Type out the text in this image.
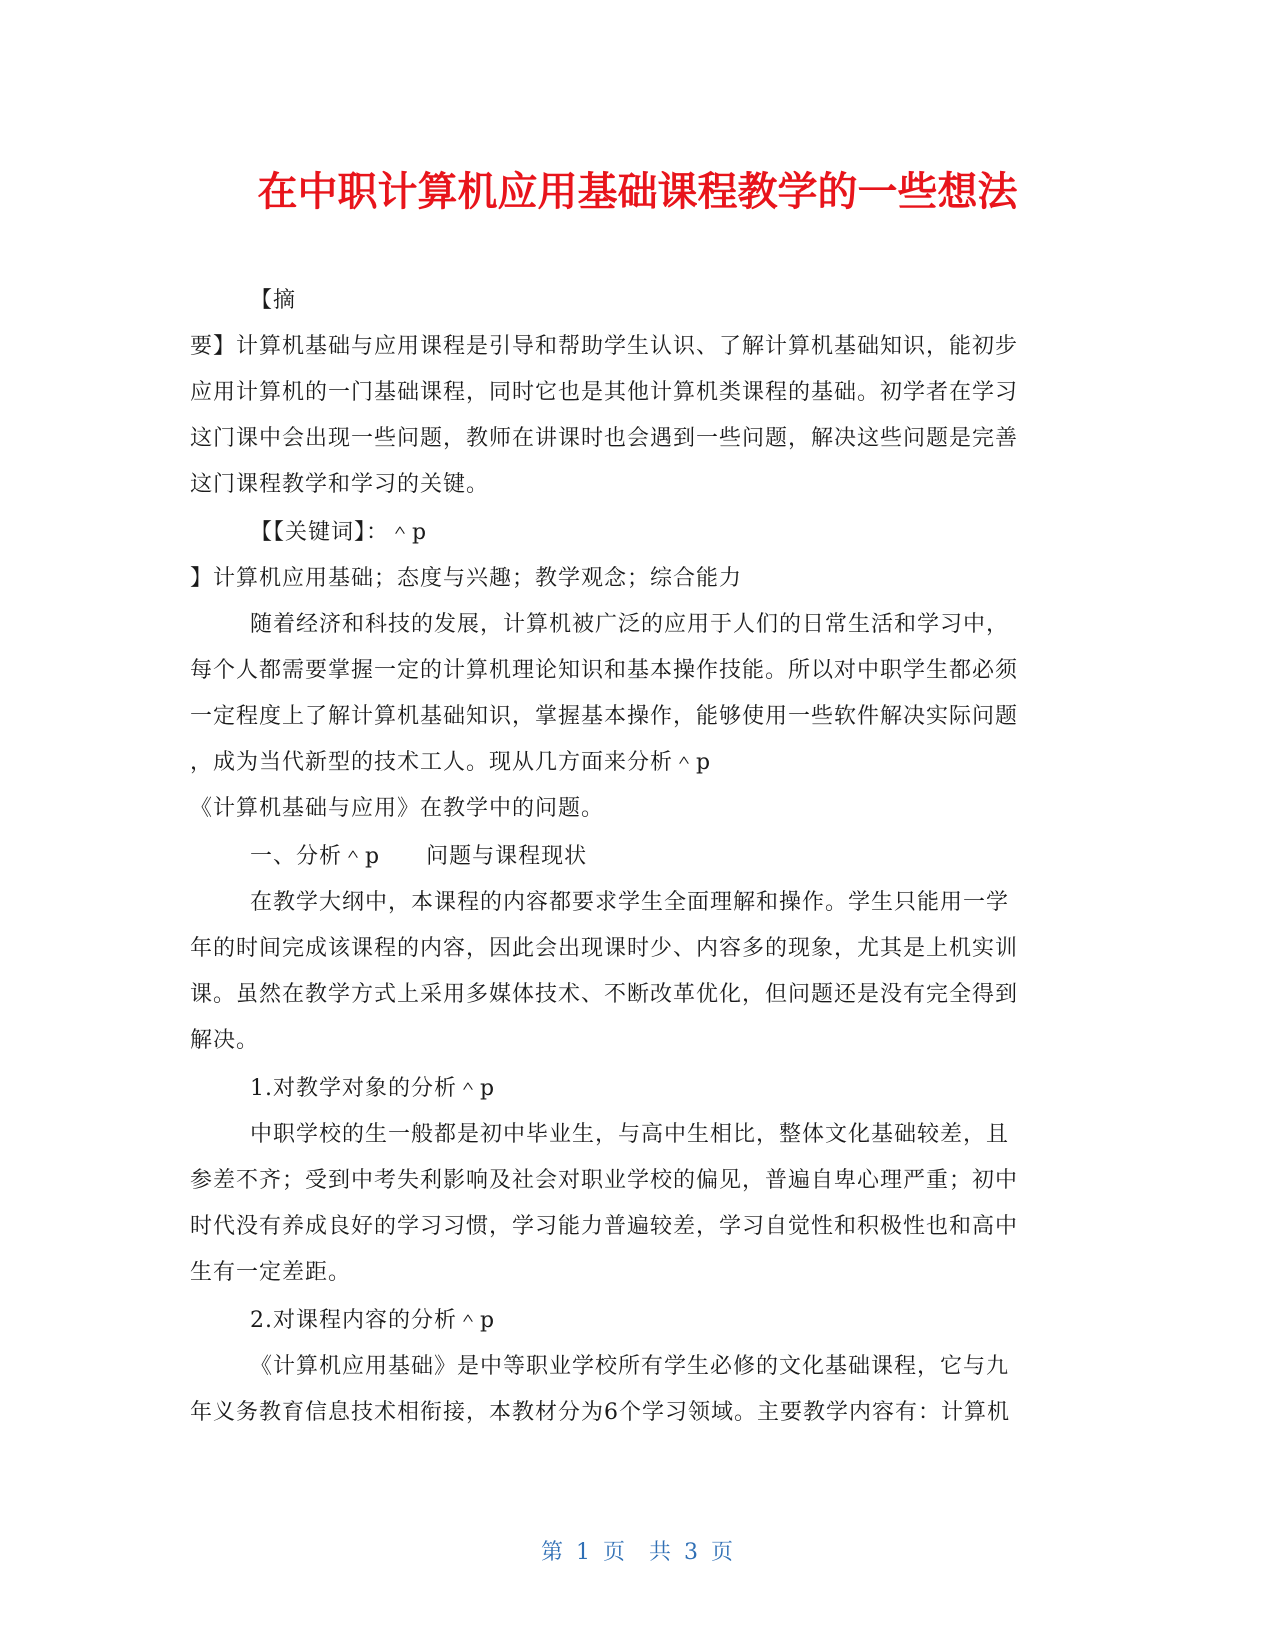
在中职计算机应用基础课程教学的一些想法
【摘
要】计算机基础与应用课程是引导和帮助学生认识、了解计算机基础知识，能初步
应用计算机的一门基础课程，同时它也是其他计算机类课程的基础。初学者在学习
这门课中会出现一些问题，教师在讲课时也会遇到一些问题，解决这些问题是完善
这门课程教学和学习的关键。
【【关键词】：＾p
】计算机应用基础；态度与兴趣；教学观念；综合能力
随着经济和科技的发展，计算机被广泛的应用于人们的日常生活和学习中，
每个人都需要掌握一定的计算机理论知识和基本操作技能。所以对中职学生都必须
一定程度上了解计算机基础知识，掌握基本操作，能够使用一些软件解决实际问题
，成为当代新型的技术工人。现从几方面来分析＾p
《计算机基础与应用》在教学中的问题。
一、分析＾p　　问题与课程现状
在教学大纲中，本课程的内容都要求学生全面理解和操作。学生只能用一学
年的时间完成该课程的内容，因此会出现课时少、内容多的现象，尤其是上机实训
课。虽然在教学方式上采用多媒体技术、不断改革优化，但问题还是没有完全得到
解决。
1.对教学对象的分析＾p
中职学校的生一般都是初中毕业生，与高中生相比，整体文化基础较差，且
参差不齐；受到中考失利影响及社会对职业学校的偏见，普遍自卑心理严重；初中
时代没有养成良好的学习习惯，学习能力普遍较差，学习自觉性和积极性也和高中
生有一定差距。
2.对课程内容的分析＾p
《计算机应用基础》是中等职业学校所有学生必修的文化基础课程，它与九
年义务教育信息技术相衔接，本教材分为6个学习领域。主要教学内容有：计算机
第 1 页　共 3 页
